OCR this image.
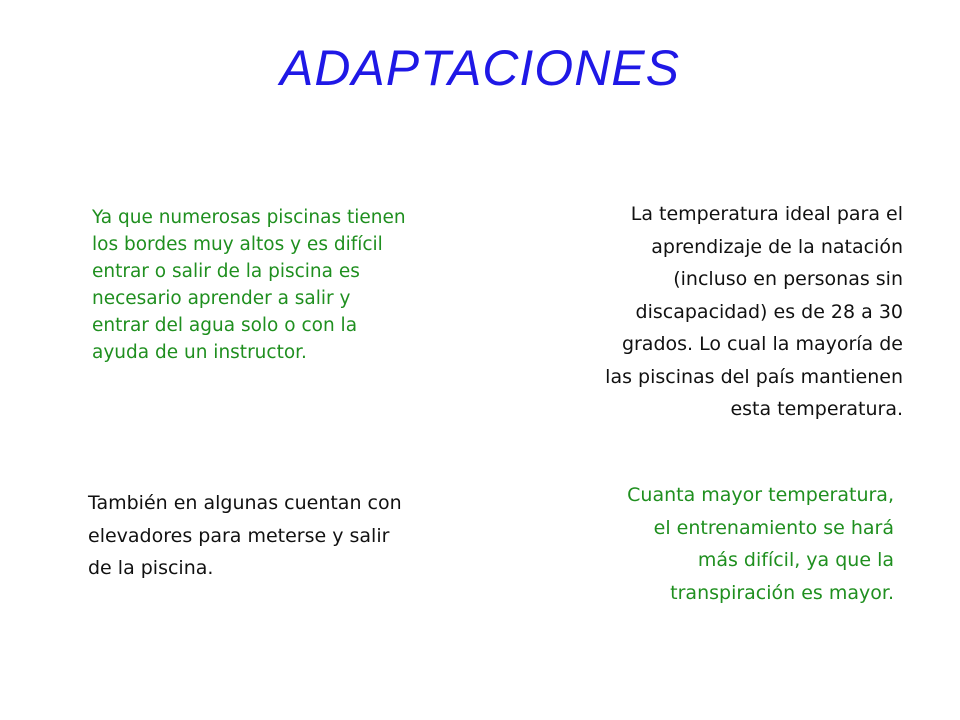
ADAPTACIONES
Ya que numerosas piscinas tienen
los bordes muy altos y es difícil
entrar o salir de la piscina es
necesario aprender a salir y
entrar del agua solo o con la
ayuda de un instructor.
La temperatura ideal para el
aprendizaje de la natación
(incluso en personas sin
discapacidad) es de 28 a 30
grados. Lo cual la mayoría de
las piscinas del país mantienen
esta temperatura.
También en algunas cuentan con
elevadores para meterse y salir
de la piscina.
Cuanta mayor temperatura,
el entrenamiento se hará
más difícil, ya que la
transpiración es mayor.
